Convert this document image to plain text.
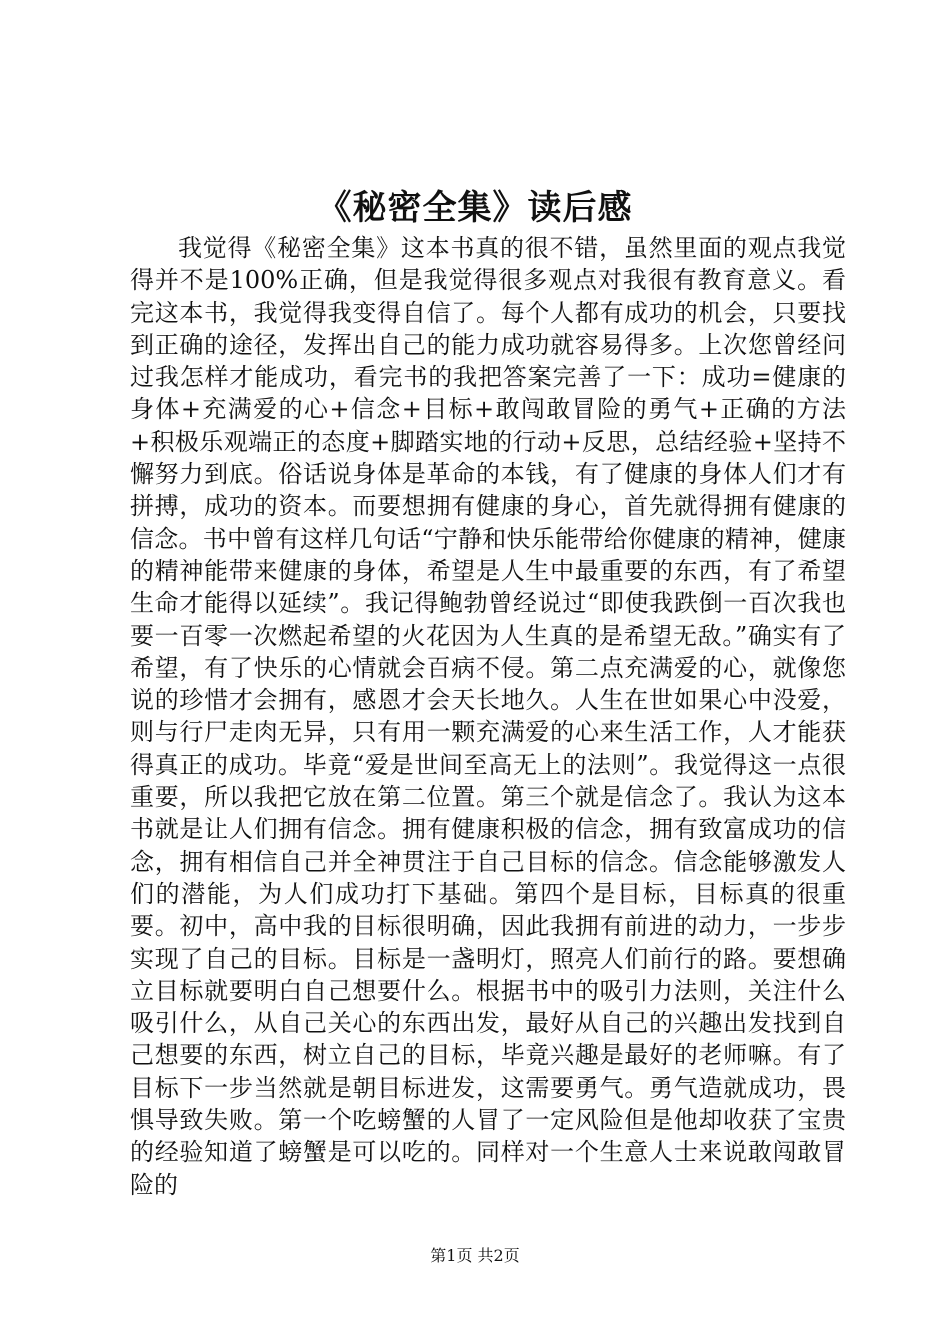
《秘密全集》读后感

我觉得《秘密全集》这本书真的很不错，虽然里面的观点我觉得并不是100%正确，但是我觉得很多观点对我很有教育意义。看完这本书，我觉得我变得自信了。每个人都有成功的机会，只要找到正确的途径，发挥出自己的能力成功就容易得多。上次您曾经问过我怎样才能成功，看完书的我把答案完善了一下：成功=健康的身体+充满爱的心+信念+目标+敢闯敢冒险的勇气+正确的方法+积极乐观端正的态度+脚踏实地的行动+反思，总结经验+坚持不懈努力到底。俗话说身体是革命的本钱，有了健康的身体人们才有拼搏，成功的资本。而要想拥有健康的身心，首先就得拥有健康的信念。书中曾有这样几句话“宁静和快乐能带给你健康的精神，健康的精神能带来健康的身体，希望是人生中最重要的东西，有了希望生命才能得以延续”。我记得鲍勃曾经说过“即使我跌倒一百次我也要一百零一次燃起希望的火花因为人生真的是希望无敌。”确实有了希望，有了快乐的心情就会百病不侵。第二点充满爱的心，就像您说的珍惜才会拥有，感恩才会天长地久。人生在世如果心中没爱，则与行尸走肉无异，只有用一颗充满爱的心来生活工作，人才能获得真正的成功。毕竟“爱是世间至高无上的法则”。我觉得这一点很重要，所以我把它放在第二位置。第三个就是信念了。我认为这本书就是让人们拥有信念。拥有健康积极的信念，拥有致富成功的信念，拥有相信自己并全神贯注于自己目标的信念。信念能够激发人们的潜能，为人们成功打下基础。第四个是目标，目标真的很重要。初中，高中我的目标很明确，因此我拥有前进的动力，一步步实现了自己的目标。目标是一盏明灯，照亮人们前行的路。要想确立目标就要明白自己想要什么。根据书中的吸引力法则，关注什么吸引什么，从自己关心的东西出发，最好从自己的兴趣出发找到自己想要的东西，树立自己的目标，毕竟兴趣是最好的老师嘛。有了目标下一步当然就是朝目标进发，这需要勇气。勇气造就成功，畏惧导致失败。第一个吃螃蟹的人冒了一定风险但是他却收获了宝贵的经验知道了螃蟹是可以吃的。同样对一个生意人士来说敢闯敢冒险的

第1页 共2页
